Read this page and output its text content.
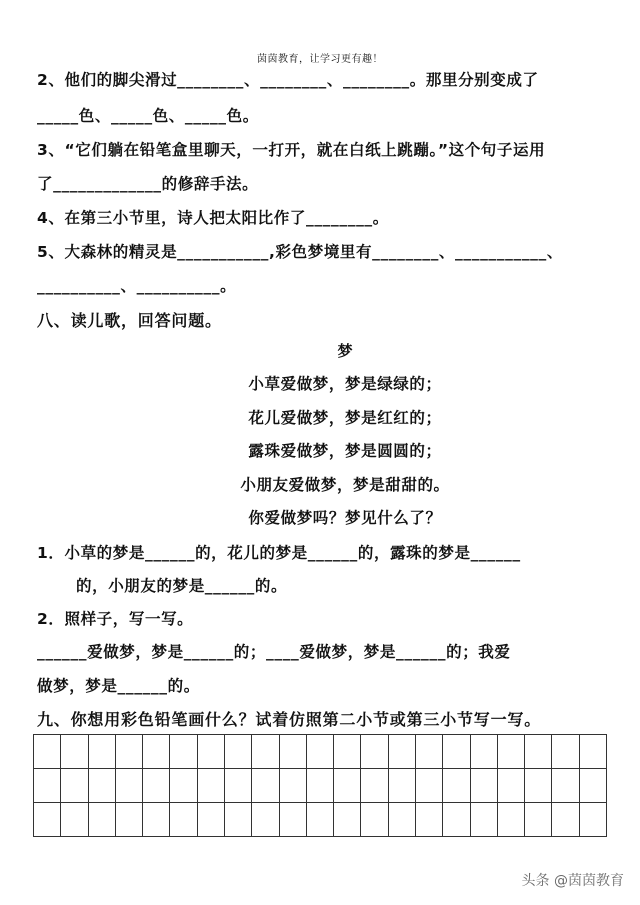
茵茵教育，让学习更有趣！
2、他们的脚尖滑过________、________、________。那里分别变成了
_____色、_____色、_____色。
3、“它们躺在铅笔盒里聊天，一打开，就在白纸上跳蹦。”这个句子运用
了_____________的修辞手法。
4、在第三小节里，诗人把太阳比作了________。
5、大森林的精灵是___________,彩色梦境里有________、___________、
__________、__________。
八、读儿歌，回答问题。
梦
小草爱做梦，梦是绿绿的；
花儿爱做梦，梦是红红的；
露珠爱做梦，梦是圆圆的；
小朋友爱做梦，梦是甜甜的。
你爱做梦吗？梦见什么了？
1．小草的梦是______的，花儿的梦是______的，露珠的梦是______
的，小朋友的梦是______的。
2．照样子，写一写。
______爱做梦，梦是______的；____爱做梦，梦是______的；我爱
做梦，梦是______的。
九、你想用彩色铅笔画什么？试着仿照第二小节或第三小节写一写。

头条 @茵茵教育
